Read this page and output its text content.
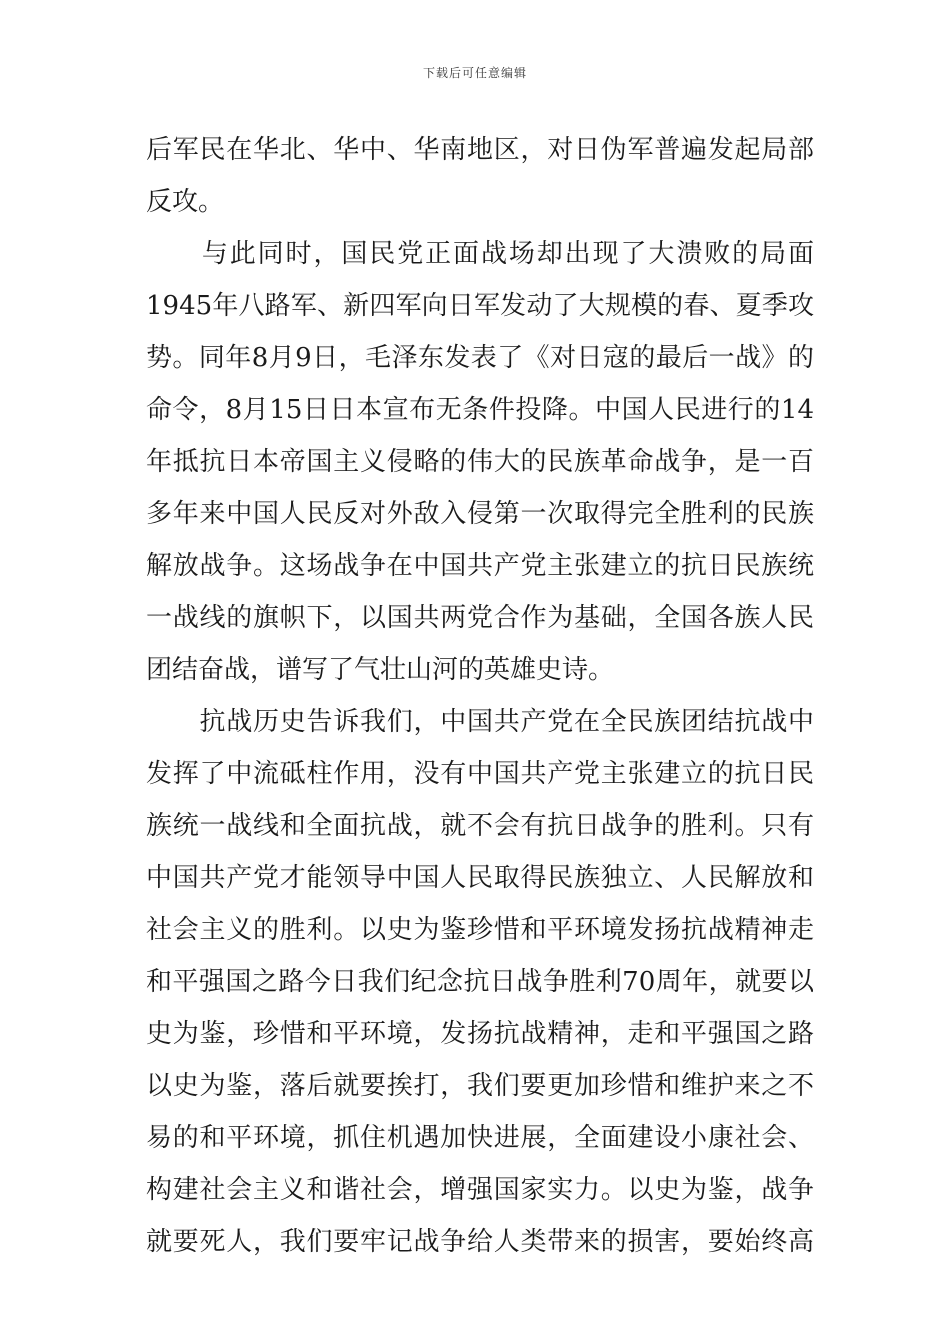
下载后可任意编辑
后军民在华北、华中、华南地区，对日伪军普遍发起局部
反攻。
　　与此同时，国民党正面战场却出现了大溃败的局面
1945年八路军、新四军向日军发动了大规模的春、夏季攻
势。同年8月9日，毛泽东发表了《对日寇的最后一战》的
命令，8月15日日本宣布无条件投降。中国人民进行的14
年抵抗日本帝国主义侵略的伟大的民族革命战争，是一百
多年来中国人民反对外敌入侵第一次取得完全胜利的民族
解放战争。这场战争在中国共产党主张建立的抗日民族统
一战线的旗帜下，以国共两党合作为基础，全国各族人民
团结奋战，谱写了气壮山河的英雄史诗。
　　抗战历史告诉我们，中国共产党在全民族团结抗战中
发挥了中流砥柱作用，没有中国共产党主张建立的抗日民
族统一战线和全面抗战，就不会有抗日战争的胜利。只有
中国共产党才能领导中国人民取得民族独立、人民解放和
社会主义的胜利。以史为鉴珍惜和平环境发扬抗战精神走
和平强国之路今日我们纪念抗日战争胜利70周年，就要以
史为鉴，珍惜和平环境，发扬抗战精神，走和平强国之路
以史为鉴，落后就要挨打，我们要更加珍惜和维护来之不
易的和平环境，抓住机遇加快进展，全面建设小康社会、
构建社会主义和谐社会，增强国家实力。以史为鉴，战争
就要死人，我们要牢记战争给人类带来的损害，要始终高
